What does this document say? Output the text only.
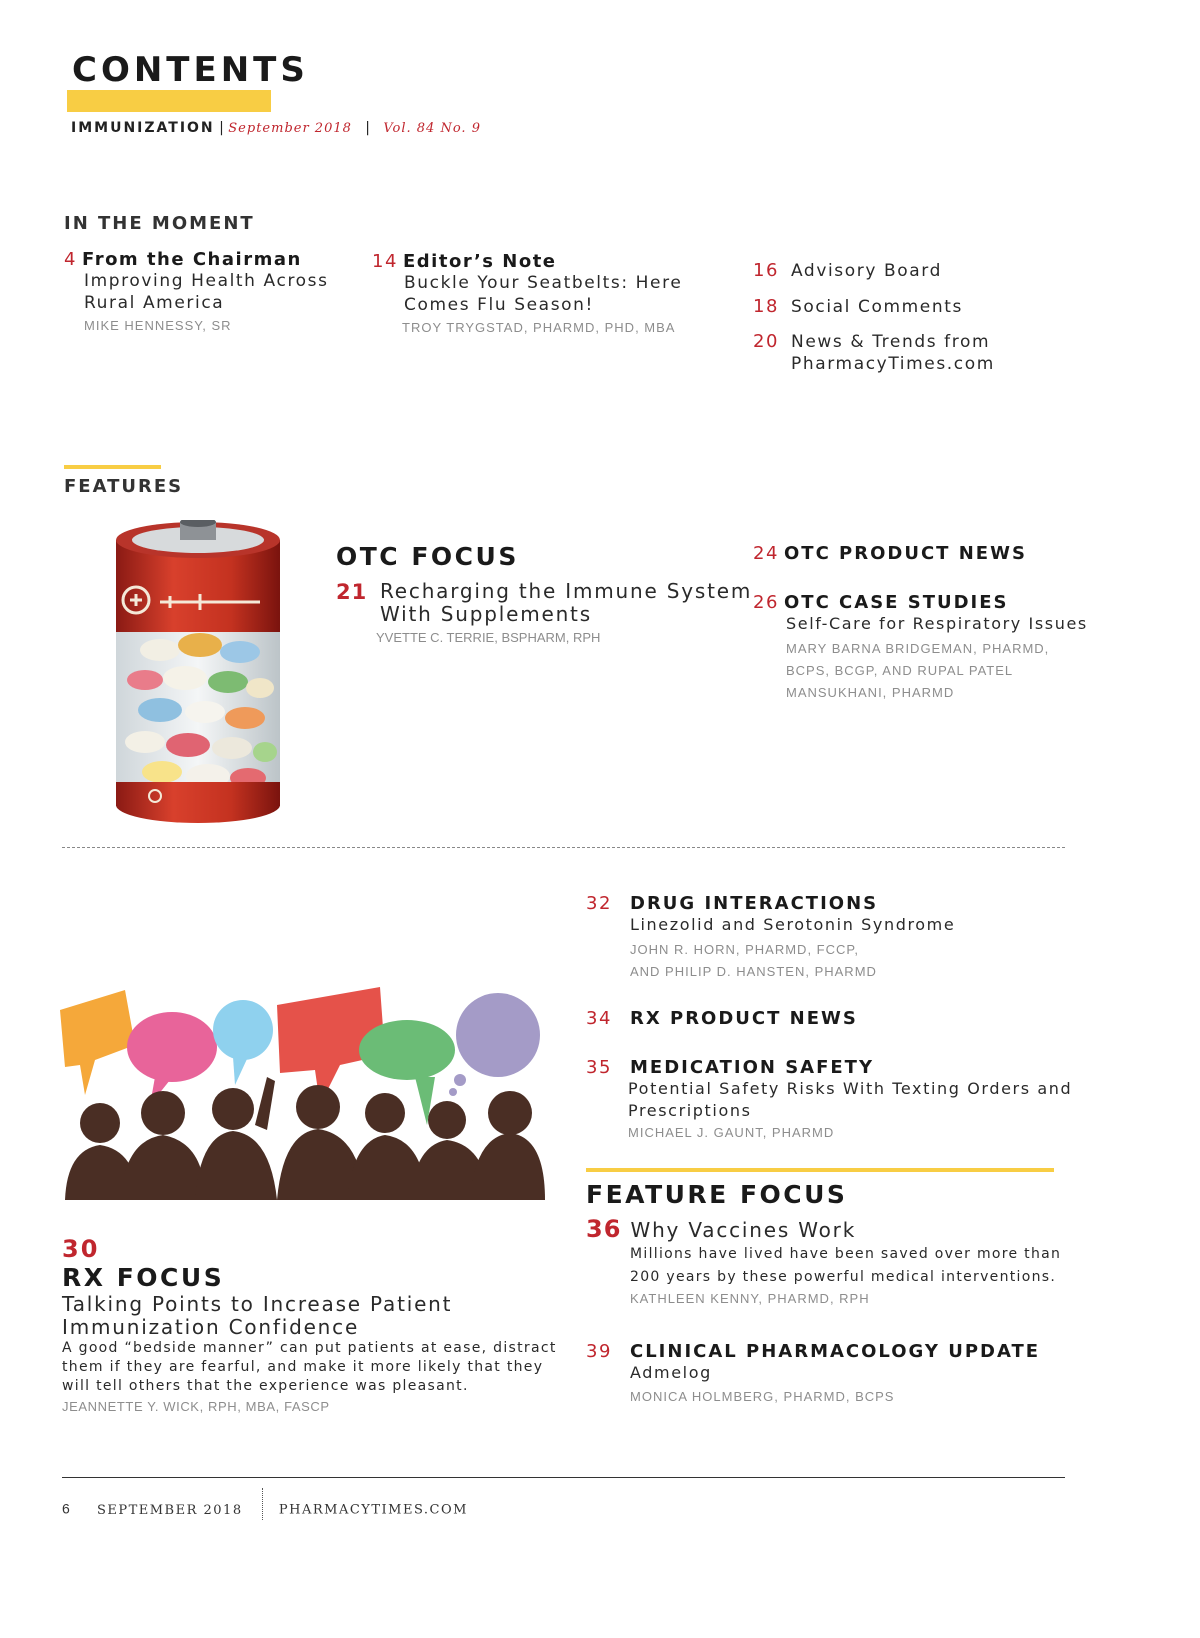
CONTENTS
IMMUNIZATION | September 2018   |   Vol. 84 No. 9
IN THE MOMENT
4 From the Chairman
Improving Health Across
Rural America
MIKE HENNESSY, SR
14 Editor’s Note
Buckle Your Seatbelts: Here
Comes Flu Season!
TROY TRYGSTAD, PHARMD, PHD, MBA
16 Advisory Board
18 Social Comments
20 News & Trends from
PharmacyTimes.com
FEATURES
OTC FOCUS
21 Recharging the Immune System
With Supplements
YVETTE C. TERRIE, BSPHARM, RPH
24 OTC PRODUCT NEWS
26 OTC CASE STUDIES
Self-Care for Respiratory Issues
MARY BARNA BRIDGEMAN, PHARMD,
BCPS, BCGP, AND RUPAL PATEL
MANSUKHANI, PHARMD
30
RX FOCUS
Talking Points to Increase Patient
Immunization Confidence
A good “bedside manner” can put patients at ease, distract
them if they are fearful, and make it more likely that they
will tell others that the experience was pleasant.
JEANNETTE Y. WICK, RPH, MBA, FASCP
32 DRUG INTERACTIONS
Linezolid and Serotonin Syndrome
JOHN R. HORN, PHARMD, FCCP,
AND PHILIP D. HANSTEN, PHARMD
34 RX PRODUCT NEWS
35 MEDICATION SAFETY
Potential Safety Risks With Texting Orders and
Prescriptions
MICHAEL J. GAUNT, PHARMD
FEATURE FOCUS
36 Why Vaccines Work
Millions have lived have been saved over more than
200 years by these powerful medical interventions.
KATHLEEN KENNY, PHARMD, RPH
39 CLINICAL PHARMACOLOGY UPDATE
Admelog
MONICA HOLMBERG, PHARMD, BCPS
6 SEPTEMBER 2018	PHARMACYTIMES.COM
